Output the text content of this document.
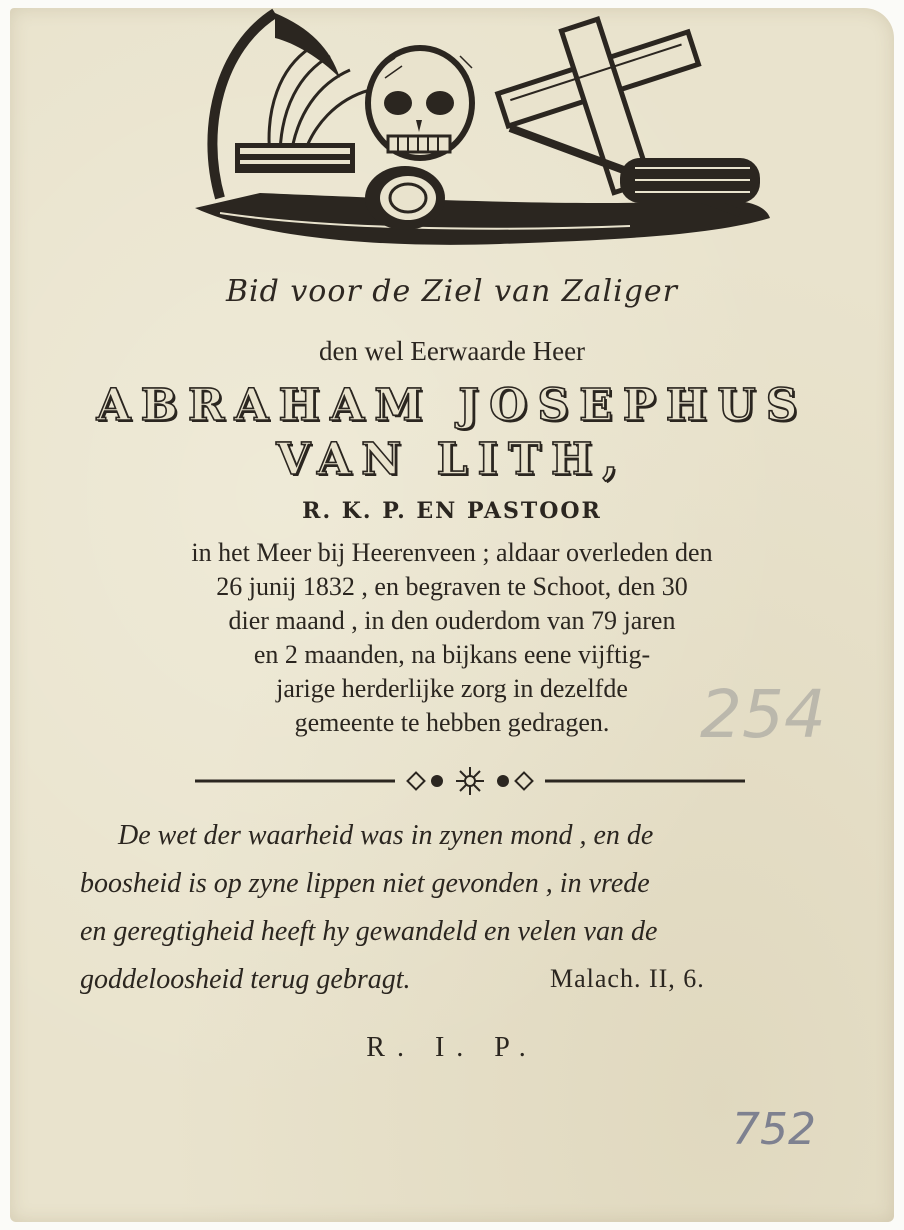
Bid voor de Ziel van Zaliger
den wel Eerwaarde Heer
ABRAHAM JOSEPHUS
VAN LITH,
R. K. P. EN PASTOOR
in het Meer bij Heerenveen ; aldaar overleden den
26 junij 1832 , en begraven te Schoot, den 30
dier maand , in den ouderdom van 79 jaren
en 2 maanden, na bijkans eene vijftig-
jarige herderlijke zorg in dezelfde
gemeente te hebben gedragen.
De wet der waarheid was in zynen mond , en de
boosheid is op zyne lippen niet gevonden , in vrede
en geregtigheid heeft hy gewandeld en velen van de
goddeloosheid terug gebragt.	Malach. II, 6.
R. I. P.
254
752
